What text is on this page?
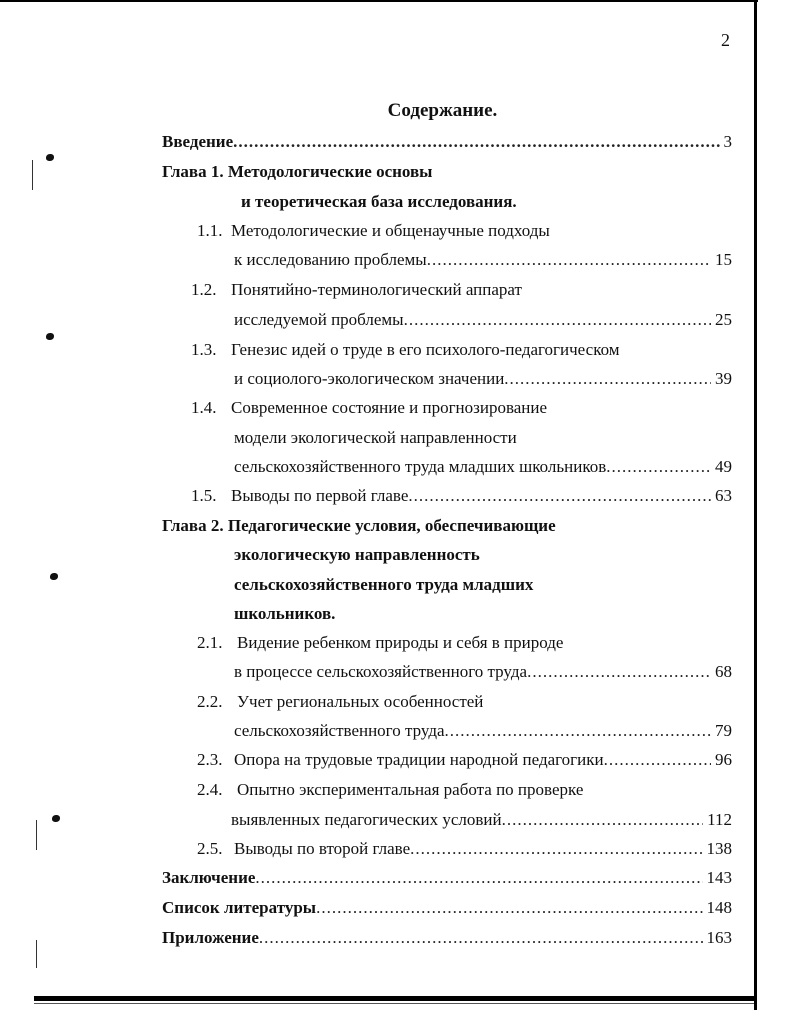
2
Содержание.
Введение .....	3
Глава 1. Методологические основы
и теоретическая база исследования.
1.1. Методологические и общенаучные подходы
к исследованию проблемы .....	15
1.2. Понятийно-терминологический аппарат
исследуемой проблемы .....	25
1.3. Генезис идей о труде в его психолого-педагогическом
и социолого-экологическом значении .....	39
1.4. Современное состояние и прогнозирование
модели экологической направленности
сельскохозяйственного труда младших школьников .....	49
1.5. Выводы по первой главе .....	63
Глава 2. Педагогические условия, обеспечивающие
экологическую направленность
сельскохозяйственного труда младших
школьников.
2.1. Видение ребенком природы и себя в природе
в процессе сельскохозяйственного труда .....	68
2.2. Учет региональных особенностей
сельскохозяйственного труда .....	79
2.3. Опора на трудовые традиции народной педагогики .....	96
2.4. Опытно экспериментальная работа по проверке
выявленных педагогических условий .....	112
2.5. Выводы по второй главе .....	138
Заключение .....	143
Список литературы .....	148
Приложение .....	163
